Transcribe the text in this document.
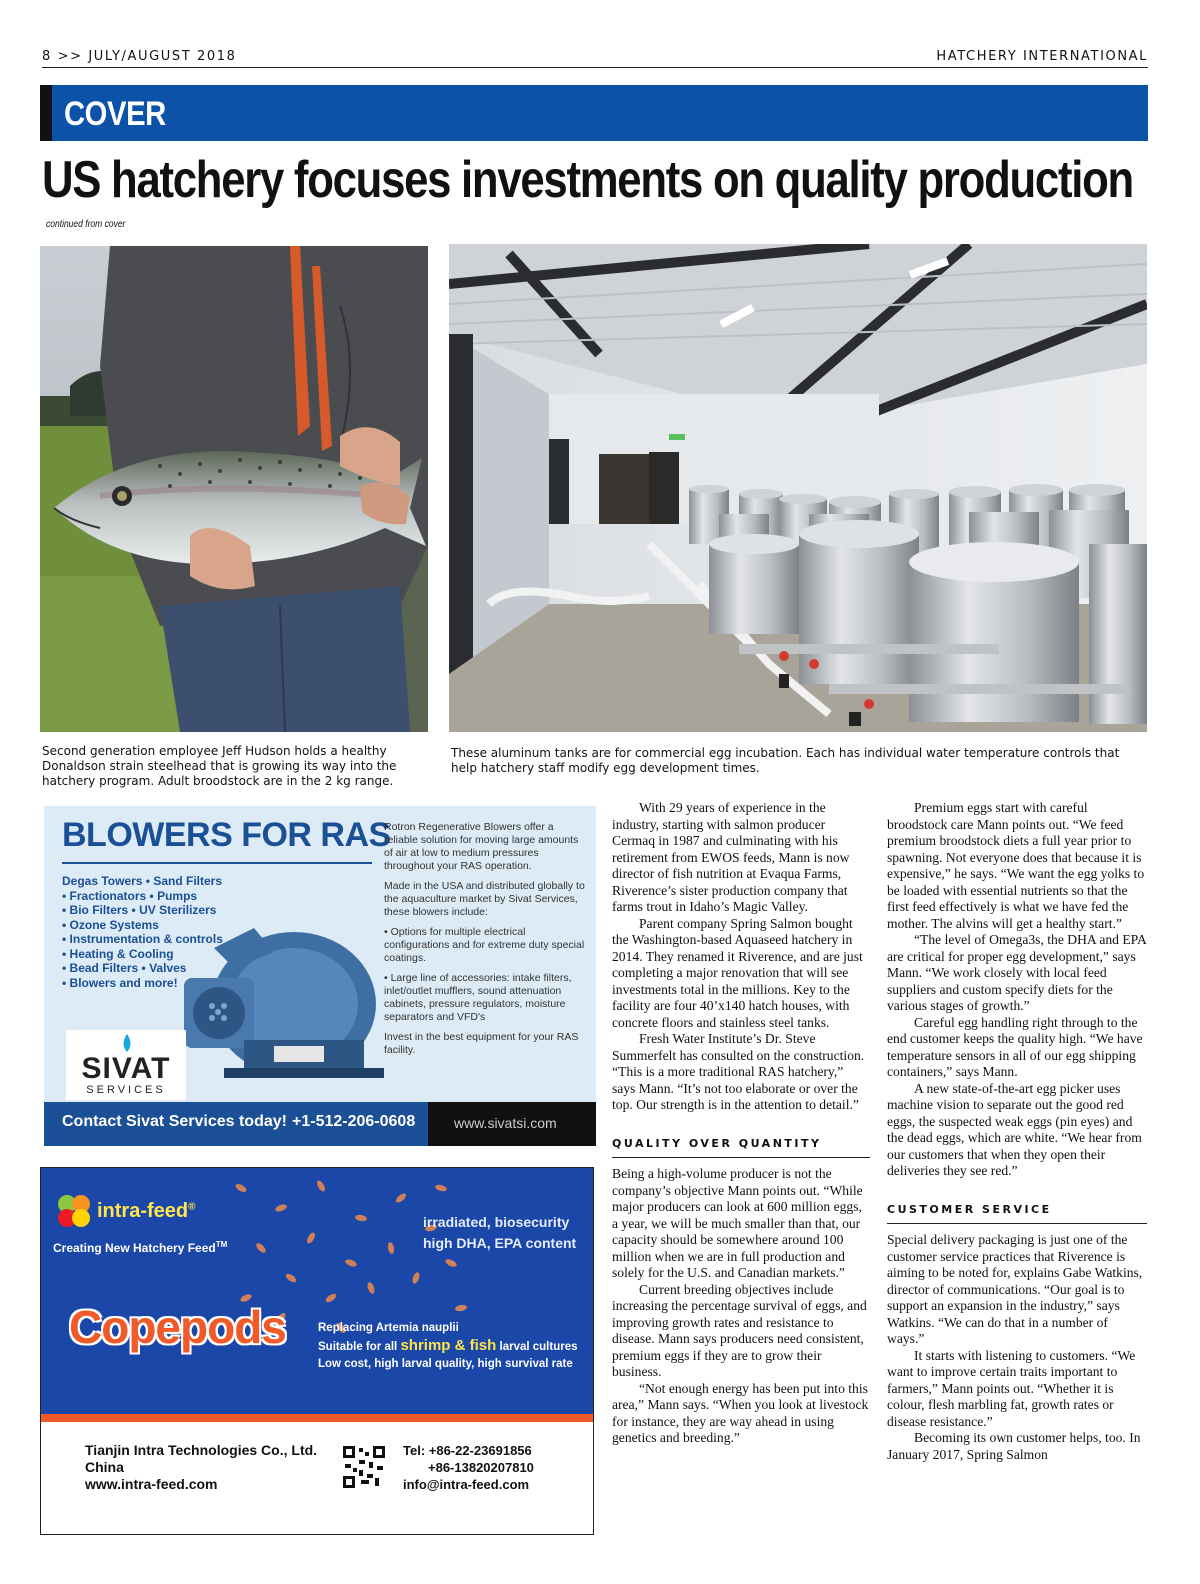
8 >> JULY/AUGUST 2018	HATCHERY INTERNATIONAL
COVER
US hatchery focuses investments on quality production
continued from cover
Second generation employee Jeff Hudson holds a healthy Donaldson strain steelhead that is growing its way into the hatchery program. Adult broodstock are in the 2 kg range.
These aluminum tanks are for commercial egg incubation. Each has individual water temperature controls that help hatchery staff modify egg development times.
BLOWERS FOR RAS
Degas Towers • Sand Filters
• Fractionators • Pumps
• Bio Filters • UV Sterilizers
• Ozone Systems
• Instrumentation & controls
• Heating & Cooling
• Bead Filters • Valves
• Blowers and more!

Rotron Regenerative Blowers offer a reliable solution for moving large amounts of air at low to medium pressures throughout your RAS operation.

Made in the USA and distributed globally to the aquaculture market by Sivat Services, these blowers include:

• Options for multiple electrical configurations and for extreme duty special coatings.

• Large line of accessories: intake filters, inlet/outlet mufflers, sound attenuation cabinets, pressure regulators, moisture separators and VFD's

Invest in the best equipment for your RAS facility.

SIVAT
SERVICES
Contact Sivat Services today! +1-512-206-0608	www.sivatsi.com
intra-feed®
Creating New Hatchery Feed™
irradiated, biosecurity
high DHA, EPA content
Copepods	Replacing Artemia nauplii
Suitable for all shrimp & fish larval cultures
Low cost, high larval quality, high survival rate
Tianjin Intra Technologies Co., Ltd.
China
www.intra-feed.com
Tel: +86-22-23691856
+86-13820207810
info@intra-feed.com

With 29 years of experience in the industry, starting with salmon producer Cermaq in 1987 and culminating with his retirement from EWOS feeds, Mann is now director of fish nutrition at Evaqua Farms, Riverence’s sister production company that farms trout in Idaho’s Magic Valley.

Parent company Spring Salmon bought the Washington-based Aquaseed hatchery in 2014. They renamed it Riverence, and are just completing a major renovation that will see investments total in the millions. Key to the facility are four 40’x140 hatch houses, with concrete floors and stainless steel tanks.

Fresh Water Institute’s Dr. Steve Summerfelt has consulted on the construction. “This is a more traditional RAS hatchery,” says Mann. “It’s not too elaborate or over the top. Our strength is in the attention to detail.”

QUALITY OVER QUANTITY

Being a high-volume producer is not the company’s objective Mann points out. “While major producers can look at 600 million eggs, a year, we will be much smaller than that, our capacity should be somewhere around 100 million when we are in full production and solely for the U.S. and Canadian markets.”

Current breeding objectives include increasing the percentage survival of eggs, and improving growth rates and resistance to disease. Mann says producers need consistent, premium eggs if they are to grow their business.

“Not enough energy has been put into this area,” Mann says. “When you look at livestock for instance, they are way ahead in using genetics and breeding.”

Premium eggs start with careful broodstock care Mann points out. “We feed premium broodstock diets a full year prior to spawning. Not everyone does that because it is expensive,” he says. “We want the egg yolks to be loaded with essential nutrients so that the first feed effectively is what we have fed the mother. The alvins will get a healthy start.”

“The level of Omega3s, the DHA and EPA are critical for proper egg development,” says Mann. “We work closely with local feed suppliers and custom specify diets for the various stages of growth.”

Careful egg handling right through to the end customer keeps the quality high. “We have temperature sensors in all of our egg shipping containers,” says Mann.

A new state-of-the-art egg picker uses machine vision to separate out the good red eggs, the suspected weak eggs (pin eyes) and the dead eggs, which are white. “We hear from our customers that when they open their deliveries they see red.”

CUSTOMER SERVICE

Special delivery packaging is just one of the customer service practices that Riverence is aiming to be noted for, explains Gabe Watkins, director of communications. “Our goal is to support an expansion in the industry,” says Watkins. “We can do that in a number of ways.”

It starts with listening to customers. “We want to improve certain traits important to farmers,” Mann points out. “Whether it is colour, flesh marbling fat, growth rates or disease resistance.”

Becoming its own customer helps, too. In January 2017, Spring Salmon
